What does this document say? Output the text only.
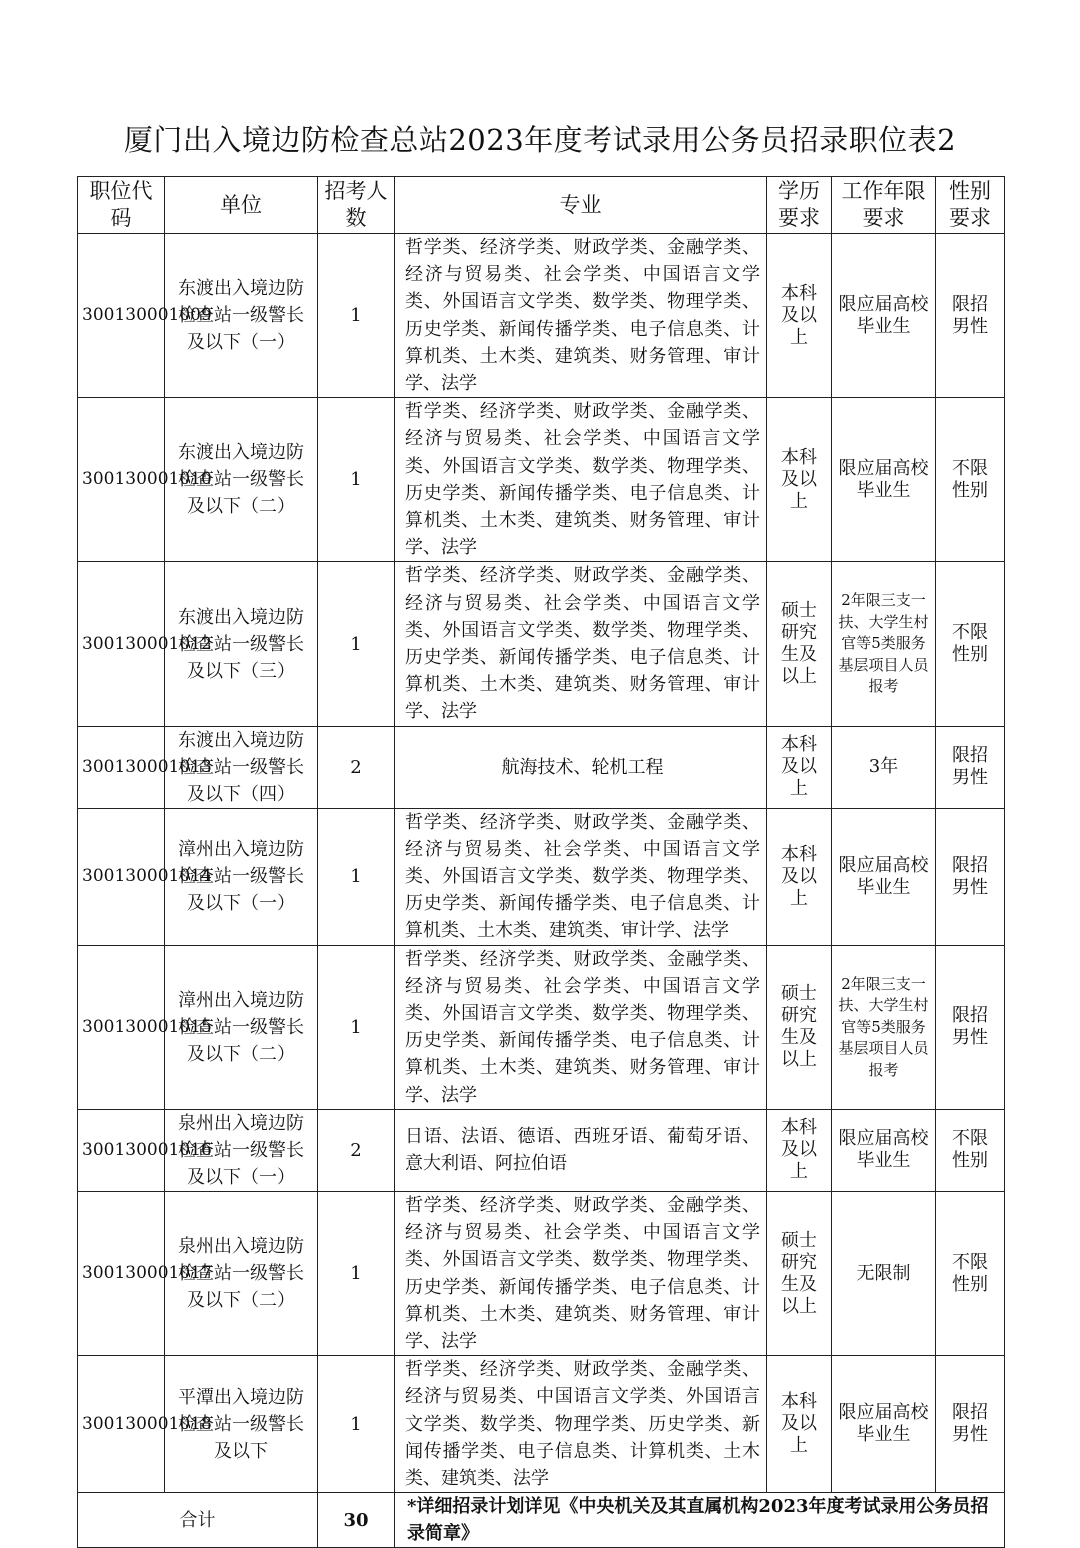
厦门出入境边防检查总站2023年度考试录用公务员招录职位表2
职位代码	单位	招考人数	专业	学历要求	工作年限要求	性别要求
300130001009	东渡出入境边防检查站一级警长及以下（一）	1	哲学类、经济学类、财政学类、金融学类、经济与贸易类、社会学类、中国语言文学类、外国语言文学类、数学类、物理学类、历史学类、新闻传播学类、电子信息类、计算机类、土木类、建筑类、财务管理、审计学、法学	本科及以上	限应届高校毕业生	限招男性
300130001010	东渡出入境边防检查站一级警长及以下（二）	1	哲学类、经济学类、财政学类、金融学类、经济与贸易类、社会学类、中国语言文学类、外国语言文学类、数学类、物理学类、历史学类、新闻传播学类、电子信息类、计算机类、土木类、建筑类、财务管理、审计学、法学	本科及以上	限应届高校毕业生	不限性别
300130001012	东渡出入境边防检查站一级警长及以下（三）	1	哲学类、经济学类、财政学类、金融学类、经济与贸易类、社会学类、中国语言文学类、外国语言文学类、数学类、物理学类、历史学类、新闻传播学类、电子信息类、计算机类、土木类、建筑类、财务管理、审计学、法学	硕士研究生及以上	2年限三支一扶、大学生村官等5类服务基层项目人员报考	不限性别
300130001013	东渡出入境边防检查站一级警长及以下（四）	2	航海技术、轮机工程	本科及以上	3年	限招男性
300130001014	漳州出入境边防检查站一级警长及以下（一）	1	哲学类、经济学类、财政学类、金融学类、经济与贸易类、社会学类、中国语言文学类、外国语言文学类、数学类、物理学类、历史学类、新闻传播学类、电子信息类、计算机类、土木类、建筑类、审计学、法学	本科及以上	限应届高校毕业生	限招男性
300130001015	漳州出入境边防检查站一级警长及以下（二）	1	哲学类、经济学类、财政学类、金融学类、经济与贸易类、社会学类、中国语言文学类、外国语言文学类、数学类、物理学类、历史学类、新闻传播学类、电子信息类、计算机类、土木类、建筑类、财务管理、审计学、法学	硕士研究生及以上	2年限三支一扶、大学生村官等5类服务基层项目人员报考	限招男性
300130001016	泉州出入境边防检查站一级警长及以下（一）	2	日语、法语、德语、西班牙语、葡萄牙语、意大利语、阿拉伯语	本科及以上	限应届高校毕业生	不限性别
300130001017	泉州出入境边防检查站一级警长及以下（二）	1	哲学类、经济学类、财政学类、金融学类、经济与贸易类、社会学类、中国语言文学类、外国语言文学类、数学类、物理学类、历史学类、新闻传播学类、电子信息类、计算机类、土木类、建筑类、财务管理、审计学、法学	硕士研究生及以上	无限制	不限性别
300130001018	平潭出入境边防检查站一级警长及以下	1	哲学类、经济学类、财政学类、金融学类、经济与贸易类、中国语言文学类、外国语言文学类、数学类、物理学类、历史学类、新闻传播学类、电子信息类、计算机类、土木类、建筑类、法学	本科及以上	限应届高校毕业生	限招男性
合计		30	*详细招录计划详见《中央机关及其直属机构2023年度考试录用公务员招录简章》			
